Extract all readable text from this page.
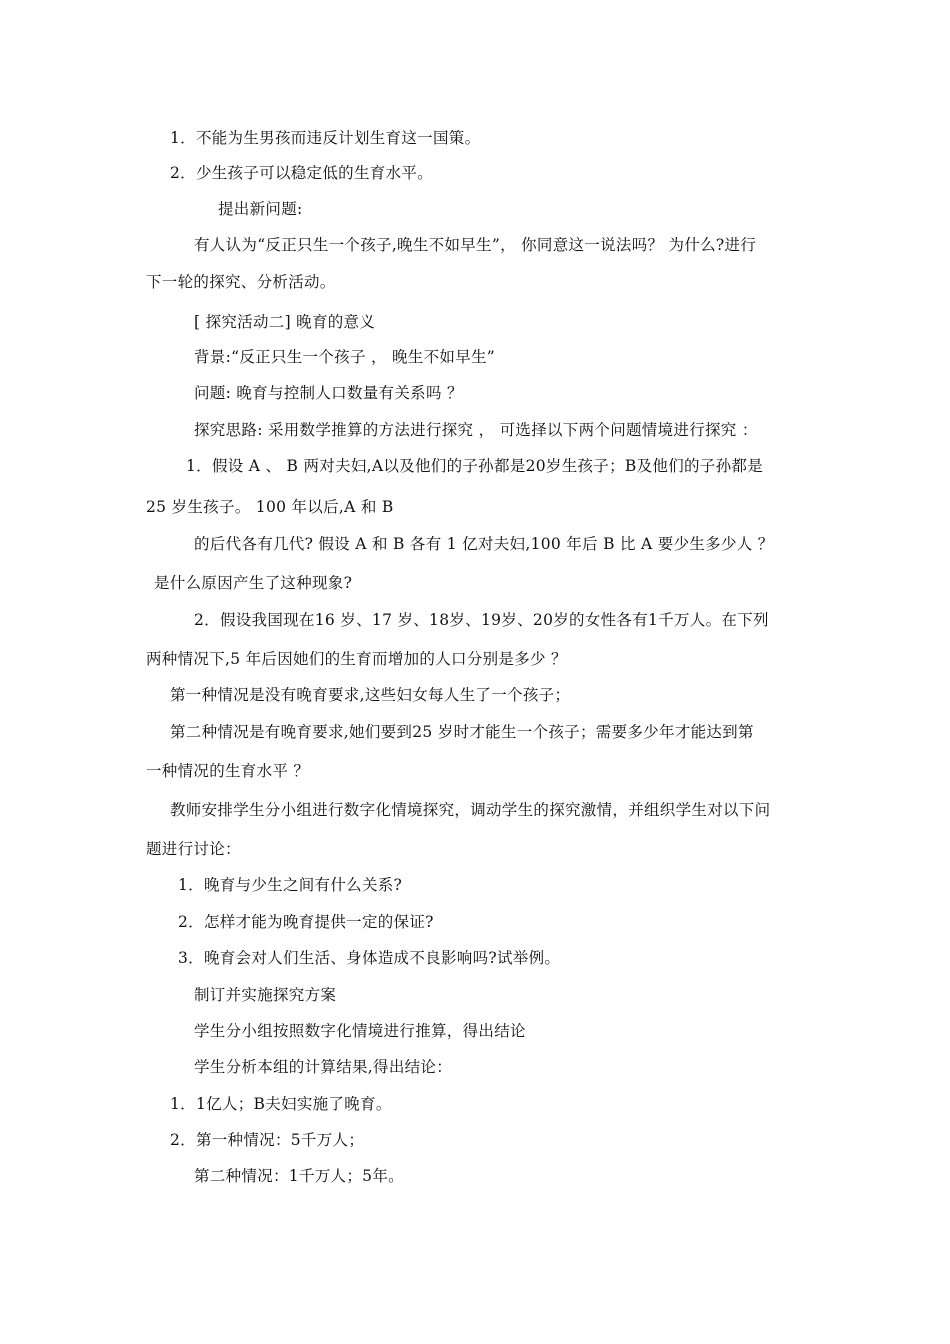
1．不能为生男孩而违反计划生育这一国策。
2．少生孩子可以稳定低的生育水平。
提出新问题:
有人认为“反正只生一个孩子,晚生不如早生”， 你同意这一说法吗？ 为什么?进行
下一轮的探究、分析活动。
[ 探究活动二] 晚育的意义
背景:“反正只生一个孩子 ， 晚生不如早生”
问题: 晚育与控制人口数量有关系吗 ？
探究思路: 采用数学推算的方法进行探究 ， 可选择以下两个问题情境进行探究 ：
1．假设 A 、 B 两对夫妇,A以及他们的子孙都是20岁生孩子；B及他们的子孙都是
25 岁生孩子。 100 年以后,A 和 B
的后代各有几代? 假设 A 和 B 各有 1 亿对夫妇,100 年后 B 比 A 要少生多少人 ？
是什么原因产生了这种现象?
2．假设我国现在16 岁、17 岁、18岁、19岁、20岁的女性各有1千万人。在下列
两种情况下,5 年后因她们的生育而增加的人口分别是多少 ？
第一种情况是没有晚育要求,这些妇女每人生了一个孩子；
第二种情况是有晚育要求,她们要到25 岁时才能生一个孩子；需要多少年才能达到第
一种情况的生育水平 ？
教师安排学生分小组进行数字化情境探究，调动学生的探究激情，并组织学生对以下问
题进行讨论：
1．晚育与少生之间有什么关系?
2．怎样才能为晚育提供一定的保证?
3．晚育会对人们生活、身体造成不良影响吗?试举例。
制订并实施探究方案
学生分小组按照数字化情境进行推算，得出结论
学生分析本组的计算结果,得出结论：
1．1亿人；B夫妇实施了晚育。
2．第一种情况：5千万人；
第二种情况：1千万人；5年。
